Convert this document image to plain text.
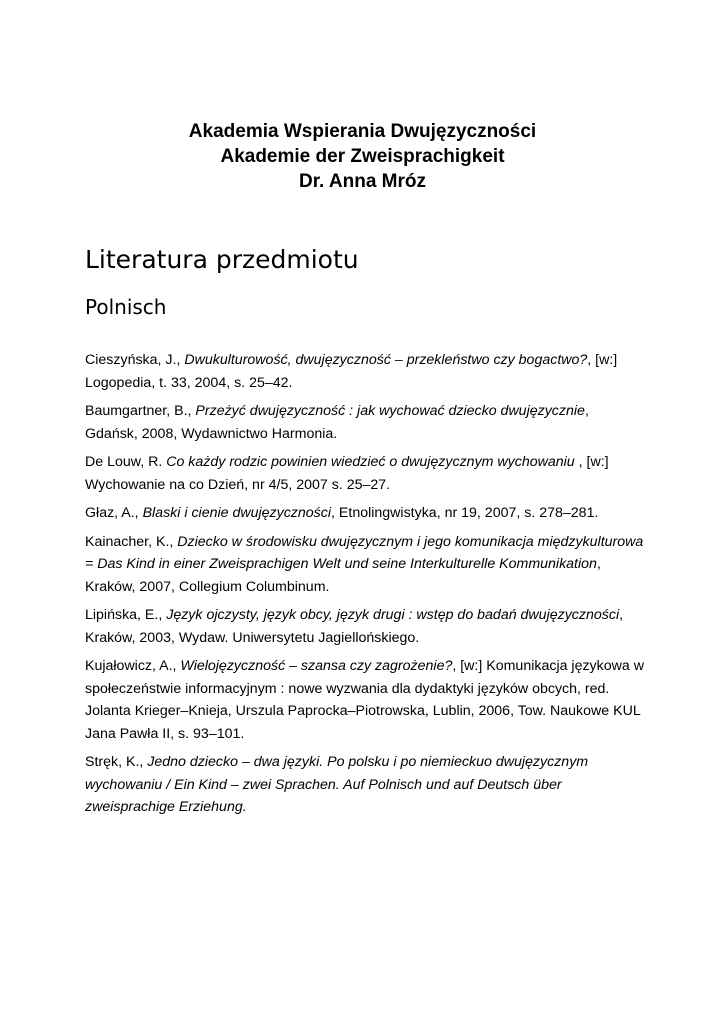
Akademia Wspierania Dwujęzyczności
Akademie der Zweisprachigkeit
Dr. Anna Mróz
Literatura przedmiotu
Polnisch

Cieszyńska, J., Dwukulturowość, dwujęzyczność – przekleństwo czy bogactwo?, [w:] Logopedia, t. 33, 2004, s. 25–42.

Baumgartner, B., Przeżyć dwujęzyczność : jak wychować dziecko dwujęzycznie, Gdańsk, 2008, Wydawnictwo Harmonia.

De Louw, R. Co każdy rodzic powinien wiedzieć o dwujęzycznym wychowaniu , [w:] Wychowanie na co Dzień, nr 4/5, 2007 s. 25–27.

Głaz, A., Blaski i cienie dwujęzyczności, Etnolingwistyka, nr 19, 2007, s. 278–281.

Kainacher, K., Dziecko w środowisku dwujęzycznym i jego komunikacja międzykulturowa = Das Kind in einer Zweisprachigen Welt und seine Interkulturelle Kommunikation, Kraków, 2007, Collegium Columbinum.

Lipińska, E., Język ojczysty, język obcy, język drugi : wstęp do badań dwujęzyczności, Kraków, 2003, Wydaw. Uniwersytetu Jagiellońskiego.

Kujałowicz, A., Wielojęzyczność – szansa czy zagrożenie?, [w:] Komunikacja językowa w społeczeństwie informacyjnym : nowe wyzwania dla dydaktyki języków obcych, red. Jolanta Krieger–Knieja, Urszula Paprocka–Piotrowska, Lublin, 2006, Tow. Naukowe KUL Jana Pawła II, s. 93–101.

Stręk, K., Jedno dziecko – dwa języki. Po polsku i po niemieckuo dwujęzycznym wychowaniu / Ein Kind – zwei Sprachen. Auf Polnisch und auf Deutsch über zweisprachige Erziehung.
